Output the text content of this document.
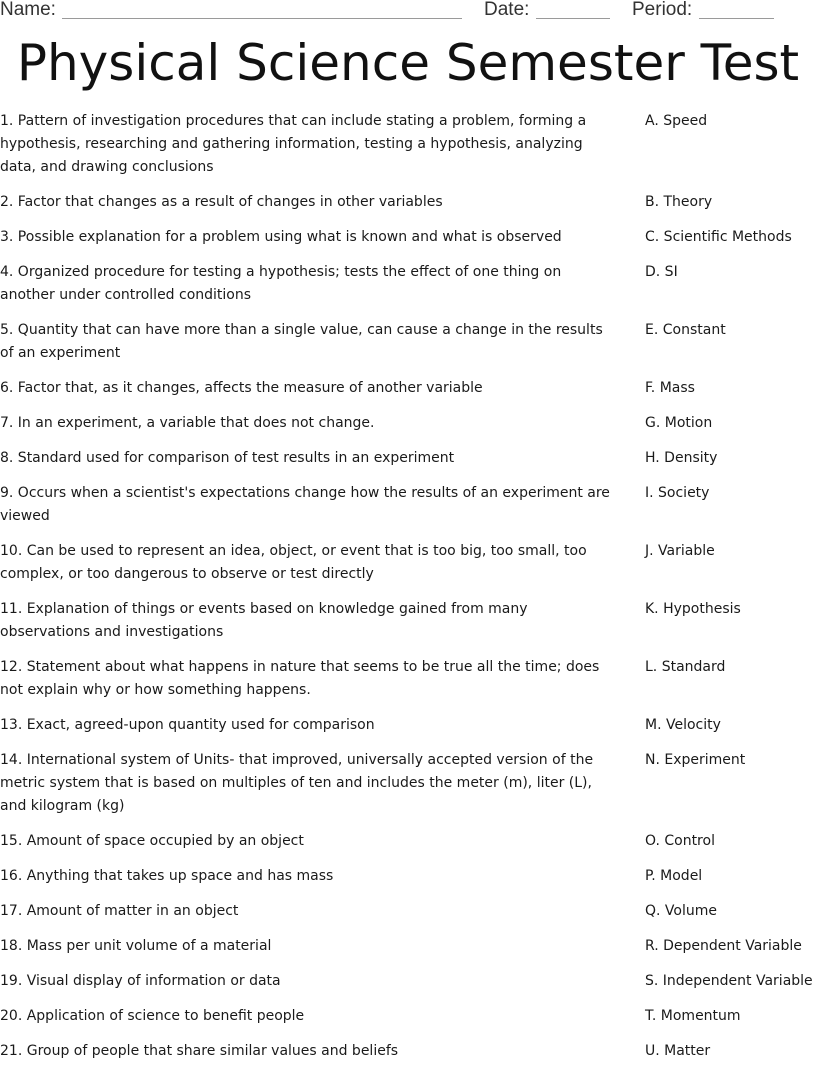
Name:	Date:	Period:
Physical Science Semester Test
1. Pattern of investigation procedures that can include stating a problem, forming a hypothesis, researching and gathering information, testing a hypothesis, analyzing data, and drawing conclusions
A. Speed
2. Factor that changes as a result of changes in other variables	B. Theory
3. Possible explanation for a problem using what is known and what is observed	C. Scientific Methods
4. Organized procedure for testing a hypothesis; tests the effect of one thing on another under controlled conditions
D. SI
5. Quantity that can have more than a single value, can cause a change in the results of an experiment
E. Constant
6. Factor that, as it changes, affects the measure of another variable	F. Mass
7. In an experiment, a variable that does not change.	G. Motion
8. Standard used for comparison of test results in an experiment	H. Density
9. Occurs when a scientist's expectations change how the results of an experiment are viewed
I. Society
10. Can be used to represent an idea, object, or event that is too big, too small, too complex, or too dangerous to observe or test directly
J. Variable
11. Explanation of things or events based on knowledge gained from many observations and investigations
K. Hypothesis
12. Statement about what happens in nature that seems to be true all the time; does not explain why or how something happens.
L. Standard
13. Exact, agreed-upon quantity used for comparison	M. Velocity
14. International system of Units- that improved, universally accepted version of the metric system that is based on multiples of ten and includes the meter (m), liter (L), and kilogram (kg)
N. Experiment
15. Amount of space occupied by an object	O. Control
16. Anything that takes up space and has mass	P. Model
17. Amount of matter in an object	Q. Volume
18. Mass per unit volume of a material	R. Dependent Variable
19. Visual display of information or data	S. Independent Variable
20. Application of science to benefit people	T. Momentum
21. Group of people that share similar values and beliefs	U. Matter
